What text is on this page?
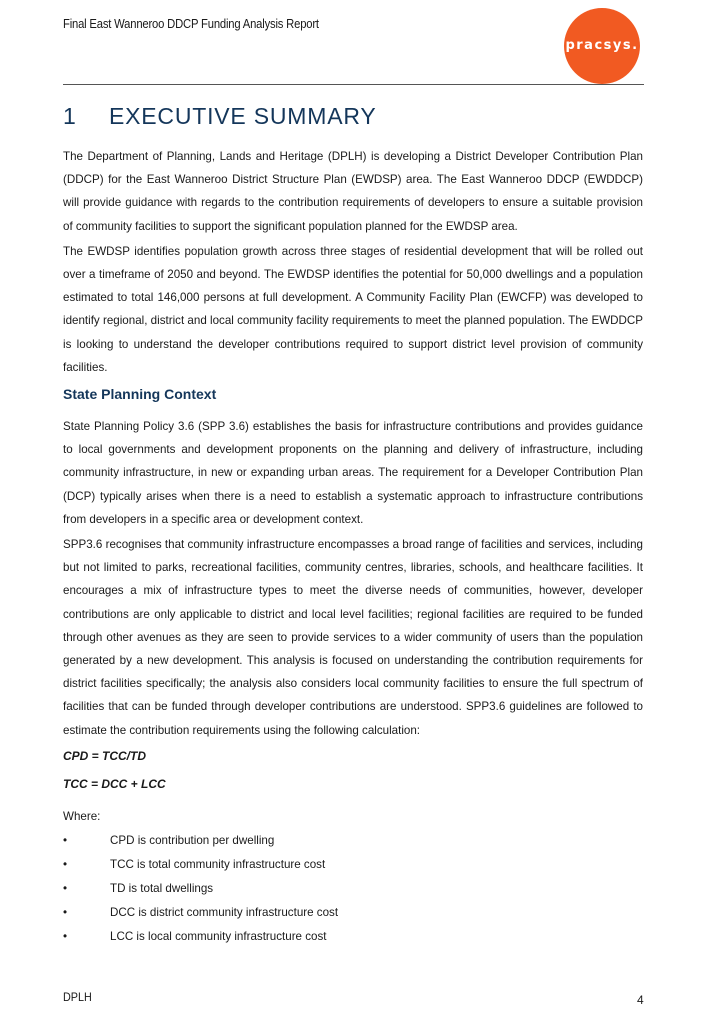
Final East Wanneroo DDCP Funding Analysis Report
pracsys.
1 EXECUTIVE SUMMARY

The Department of Planning, Lands and Heritage (DPLH) is developing a District Developer Contribution Plan (DDCP) for the East Wanneroo District Structure Plan (EWDSP) area. The East Wanneroo DDCP (EWDDCP) will provide guidance with regards to the contribution requirements of developers to ensure a suitable provision of community facilities to support the significant population planned for the EWDSP area.

The EWDSP identifies population growth across three stages of residential development that will be rolled out over a timeframe of 2050 and beyond. The EWDSP identifies the potential for 50,000 dwellings and a population estimated to total 146,000 persons at full development. A Community Facility Plan (EWCFP) was developed to identify regional, district and local community facility requirements to meet the planned population. The EWDDCP is looking to understand the developer contributions required to support district level provision of community facilities.

State Planning Context

State Planning Policy 3.6 (SPP 3.6) establishes the basis for infrastructure contributions and provides guidance to local governments and development proponents on the planning and delivery of infrastructure, including community infrastructure, in new or expanding urban areas. The requirement for a Developer Contribution Plan (DCP) typically arises when there is a need to establish a systematic approach to infrastructure contributions from developers in a specific area or development context.

SPP3.6 recognises that community infrastructure encompasses a broad range of facilities and services, including but not limited to parks, recreational facilities, community centres, libraries, schools, and healthcare facilities. It encourages a mix of infrastructure types to meet the diverse needs of communities, however, developer contributions are only applicable to district and local level facilities; regional facilities are required to be funded through other avenues as they are seen to provide services to a wider community of users than the population generated by a new development. This analysis is focused on understanding the contribution requirements for district facilities specifically; the analysis also considers local community facilities to ensure the full spectrum of facilities that can be funded through developer contributions are understood. SPP3.6 guidelines are followed to estimate the contribution requirements using the following calculation:

CPD = TCC/TD
TCC = DCC + LCC

Where:

•	CPD is contribution per dwelling
•	TCC is total community infrastructure cost
•	TD is total dwellings
•	DCC is district community infrastructure cost
•	LCC is local community infrastructure cost
DPLH	4
